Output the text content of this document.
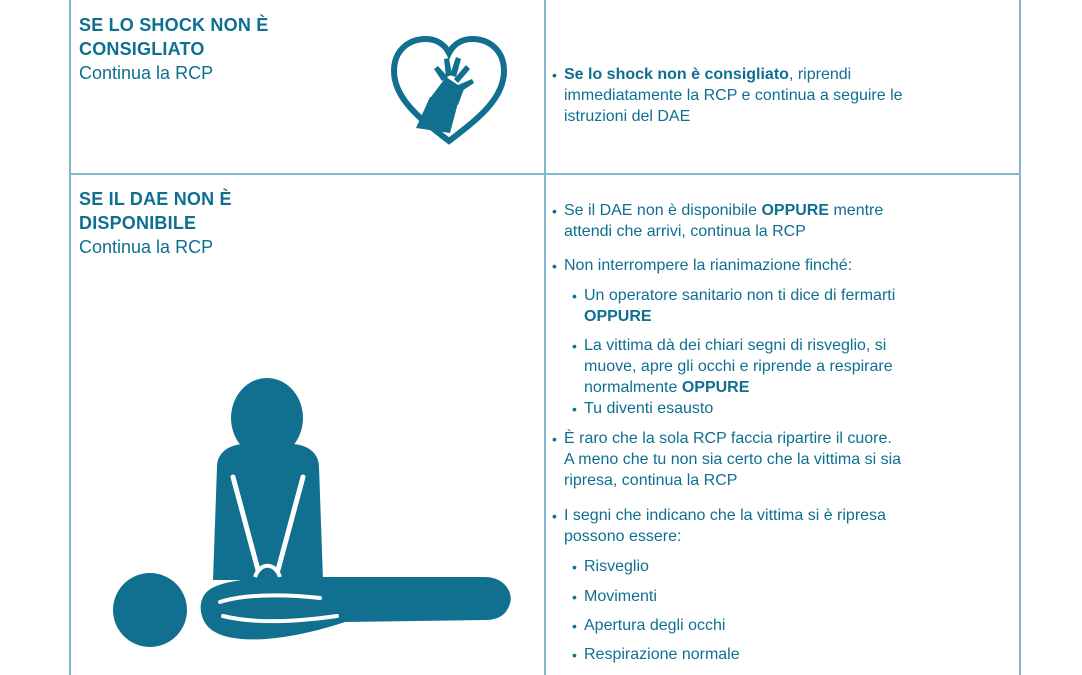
SE LO SHOCK NON È
CONSIGLIATO
Continua la RCP	• Se lo shock non è consigliato, riprendi
immediatamente la RCP e continua a seguire le
istruzioni del DAE
SE IL DAE NON È
DISPONIBILE
Continua la RCP
• Se il DAE non è disponibile OPPURE mentre
attendi che arrivi, continua la RCP
• Non interrompere la rianimazione finché:
• Un operatore sanitario non ti dice di fermarti
OPPURE
• La vittima dà dei chiari segni di risveglio, si
muove, apre gli occhi e riprende a respirare
normalmente OPPURE
• Tu diventi esausto
• È raro che la sola RCP faccia ripartire il cuore.
A meno che tu non sia certo che la vittima si sia
ripresa, continua la RCP
• I segni che indicano che la vittima si è ripresa
possono essere:
• Risveglio
• Movimenti
• Apertura degli occhi
• Respirazione normale
